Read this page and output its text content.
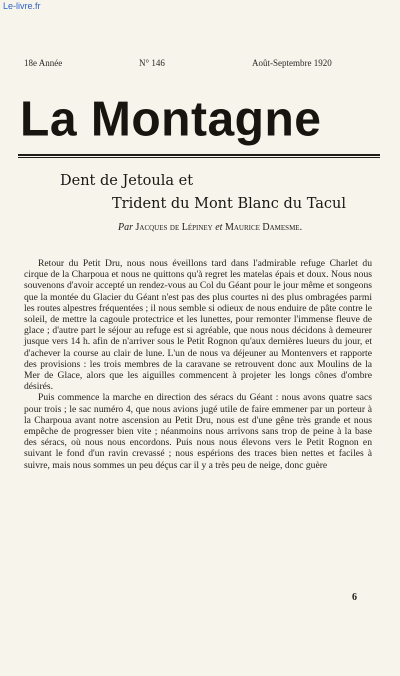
Le-livre.fr
18e Année	N° 146	Août-Septembre 1920
La Montagne
Dent de Jetoula et
Trident du Mont Blanc du Tacul
Par Jacques de Lépiney et Maurice Damesme.

Retour du Petit Dru, nous nous éveillons tard dans l'admirable refuge Charlet du cirque de la Charpoua et nous ne quittons qu'à regret les matelas épais et doux. Nous nous souvenons d'avoir accepté un rendez-vous au Col du Géant pour le jour même et songeons que la montée du Glacier du Géant n'est pas des plus courtes ni des plus ombragées parmi les routes alpestres fréquentées ; il nous semble si odieux de nous enduire de pâte contre le soleil, de mettre la cagoule protectrice et les lunettes, pour remonter l'immense fleuve de glace ; d'autre part le séjour au refuge est si agréable, que nous nous décidons à demeurer jusque vers 14 h. afin de n'arriver sous le Petit Rognon qu'aux dernières lueurs du jour, et d'achever la course au clair de lune. L'un de nous va déjeuner au Montenvers et rapporte des provisions : les trois membres de la caravane se retrouvent donc aux Moulins de la Mer de Glace, alors que les aiguilles commencent à projeter les longs cônes d'ombre désirés.

Puis commence la marche en direction des séracs du Géant : nous avons quatre sacs pour trois ; le sac numéro 4, que nous avions jugé utile de faire emmener par un porteur à la Charpoua avant notre ascension au Petit Dru, nous est d'une gêne très grande et nous empêche de progresser bien vite ; néanmoins nous arrivons sans trop de peine à la base des séracs, où nous nous encordons. Puis nous nous élevons vers le Petit Rognon en suivant le fond d'un ravin crevassé ; nous espérions des traces bien nettes et faciles à suivre, mais nous sommes un peu déçus car il y a très peu de neige, donc guère

6
